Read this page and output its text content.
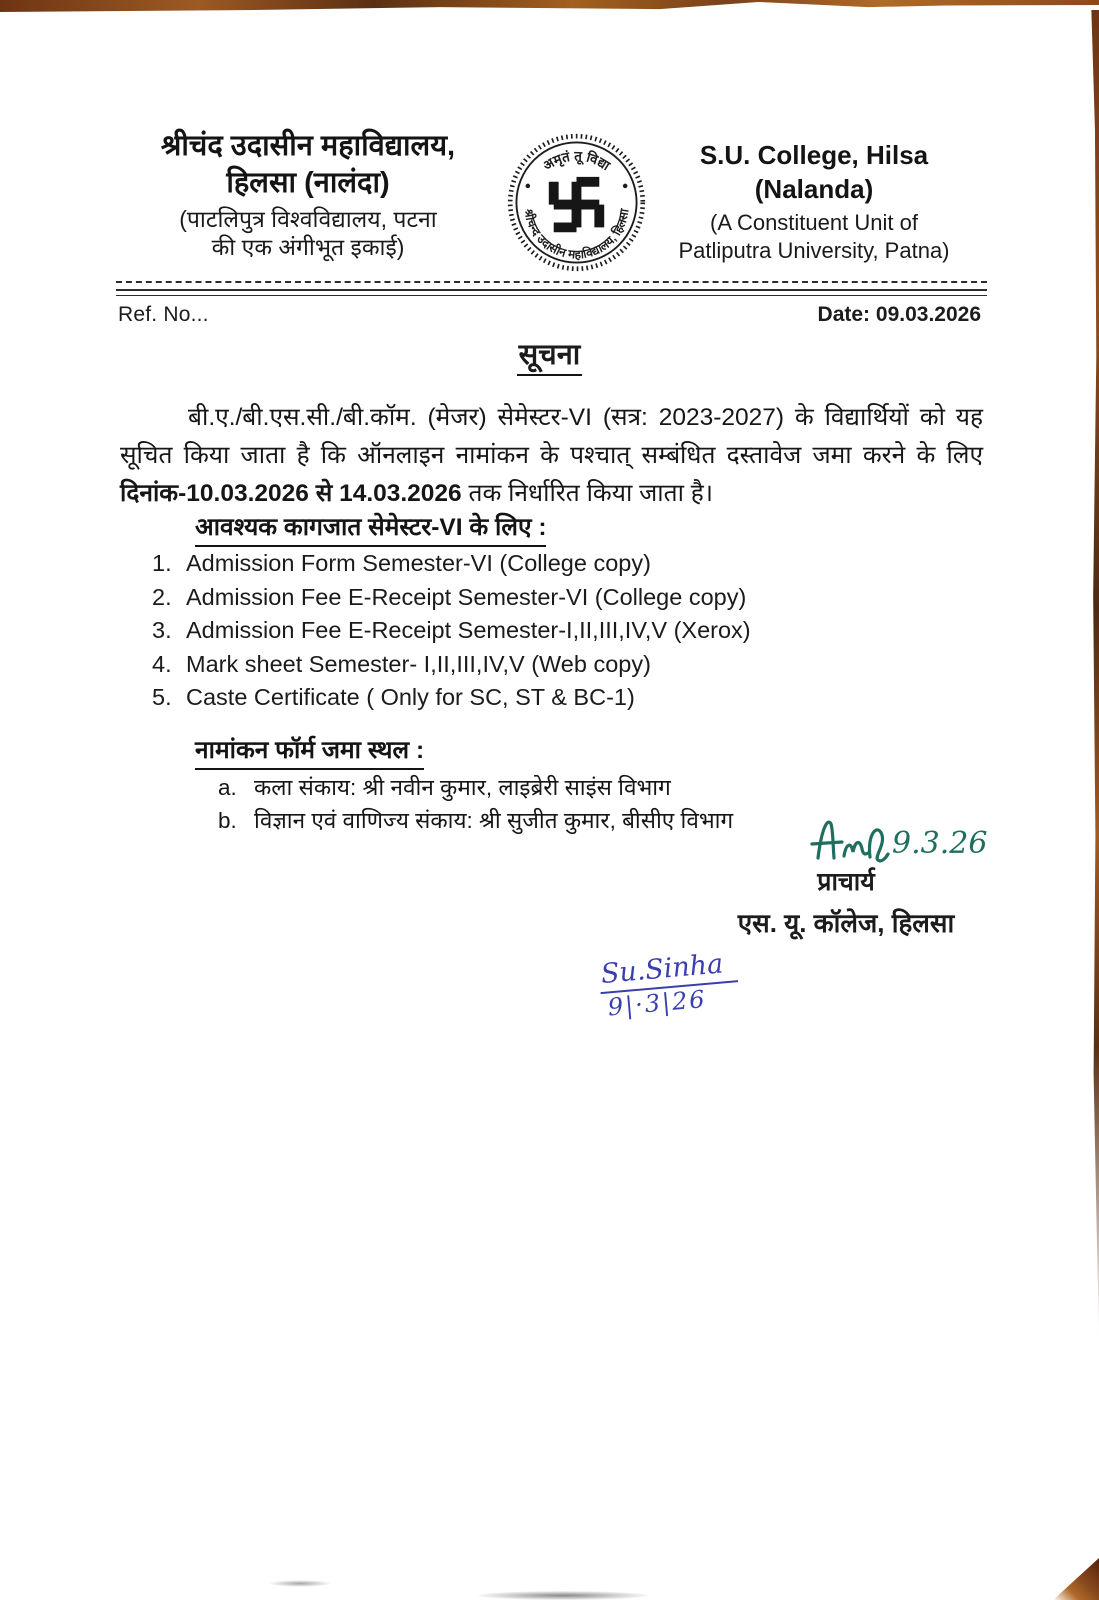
श्रीचंद उदासीन महाविद्यालय,
हिलसा (नालंदा)
(पाटलिपुत्र विश्वविद्यालय, पटना
की एक अंगीभूत इकाई)
अमृतं तू विद्या
श्रीचन्द उदासीन महाविद्यालय, हिलसा
S.U. College, Hilsa
(Nalanda)
(A Constituent Unit of
Patliputra University, Patna)
Ref. No...	Date: 09.03.2026
सूचना

बी.ए./बी.एस.सी./बी.कॉम. (मेजर) सेमेस्टर-VI (सत्र: 2023-2027) के विद्यार्थियों को यह सूचित किया जाता है कि ऑनलाइन नामांकन के पश्चात् सम्बंधित दस्तावेज जमा करने के लिए दिनांक-10.03.2026 से 14.03.2026 तक निर्धारित किया जाता है।

आवश्यक कागजात सेमेस्टर-VI के लिए :
1. Admission Form Semester-VI (College copy)
2. Admission Fee E-Receipt Semester-VI (College copy)
3. Admission Fee E-Receipt Semester-I,II,III,IV,V (Xerox)
4. Mark sheet Semester- I,II,III,IV,V (Web copy)
5. Caste Certificate ( Only for SC, ST & BC-1)
नामांकन फॉर्म जमा स्थल :
a. कला संकाय: श्री नवीन कुमार, लाइब्रेरी साइंस विभाग
b. विज्ञान एवं वाणिज्य संकाय: श्री सुजीत कुमार, बीसीए विभाग
9.3.26
प्राचार्य
एस. यू. कॉलेज, हिलसा
Su.Sinha
9|·3|26
